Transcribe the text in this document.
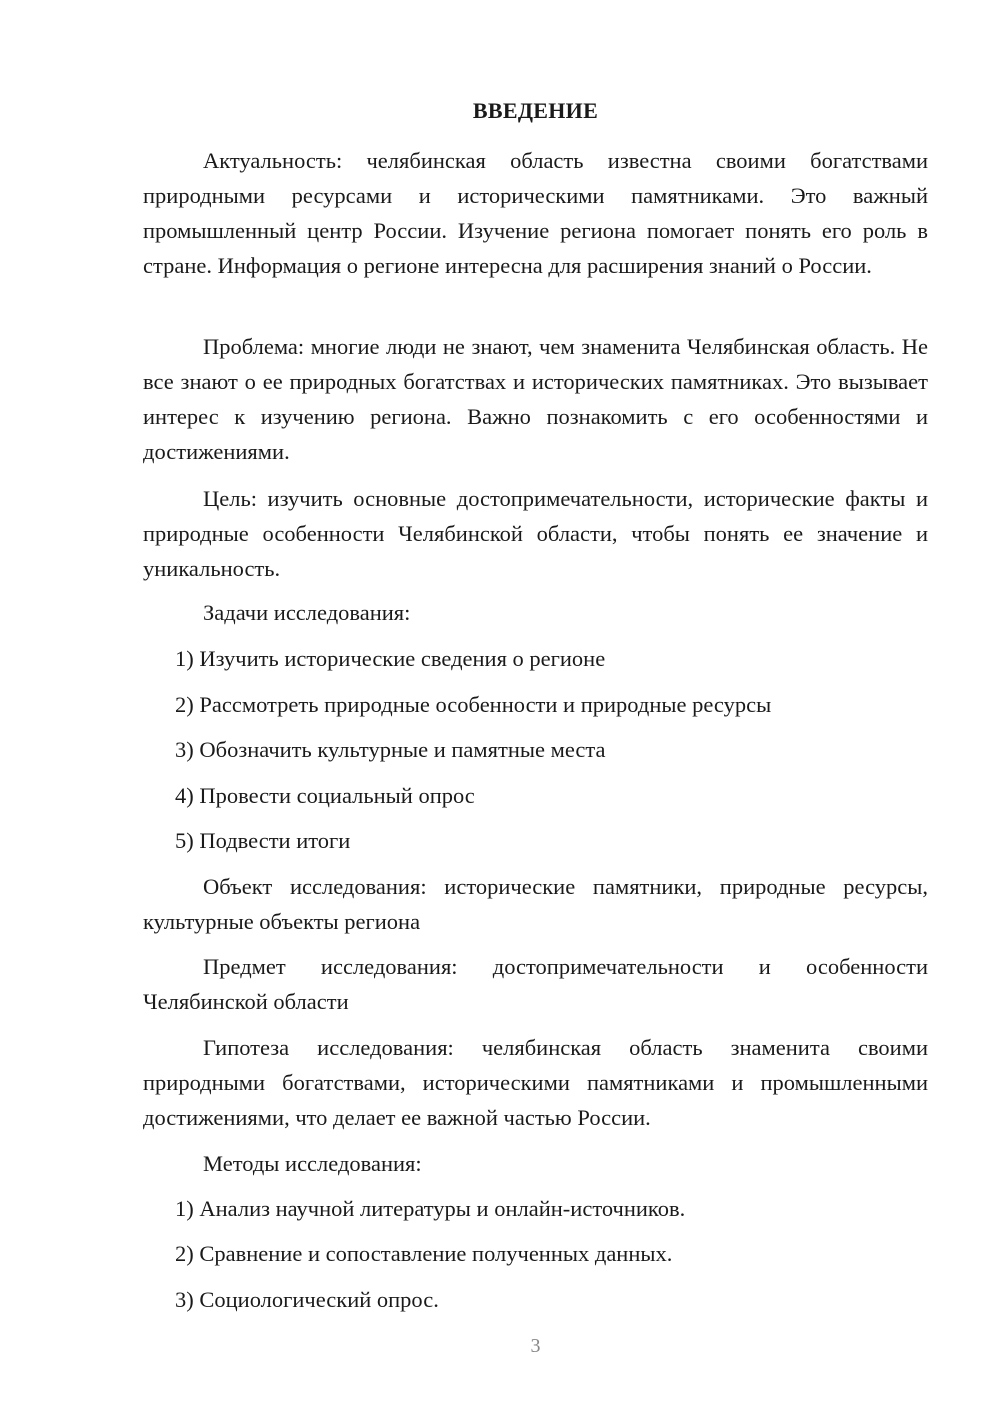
ВВЕДЕНИЕ
Актуальность: челябинская область известна своими богатствами природными ресурсами и историческими памятниками. Это важный промышленный центр России. Изучение региона помогает понять его роль в стране. Информация о регионе интересна для расширения знаний о России.
Проблема: многие люди не знают, чем знаменита Челябинская область. Не все знают о ее природных богатствах и исторических памятниках. Это вызывает интерес к изучению региона. Важно познакомить с его особенностями и достижениями.
Цель: изучить основные достопримечательности, исторические факты и природные особенности Челябинской области, чтобы понять ее значение и уникальность.
Задачи исследования:
1) Изучить исторические сведения о регионе
2) Рассмотреть природные особенности и природные ресурсы
3) Обозначить культурные и памятные места
4) Провести социальный опрос
5) Подвести итоги
Объект исследования: исторические памятники, природные ресурсы, культурные объекты региона
Предмет исследования: достопримечательности и особенности Челябинской области
Гипотеза исследования: челябинская область знаменита своими природными богатствами, историческими памятниками и промышленными достижениями, что делает ее важной частью России.
Методы исследования:
1) Анализ научной литературы и онлайн-источников.
2) Сравнение и сопоставление полученных данных.
3) Социологический опрос.
3
